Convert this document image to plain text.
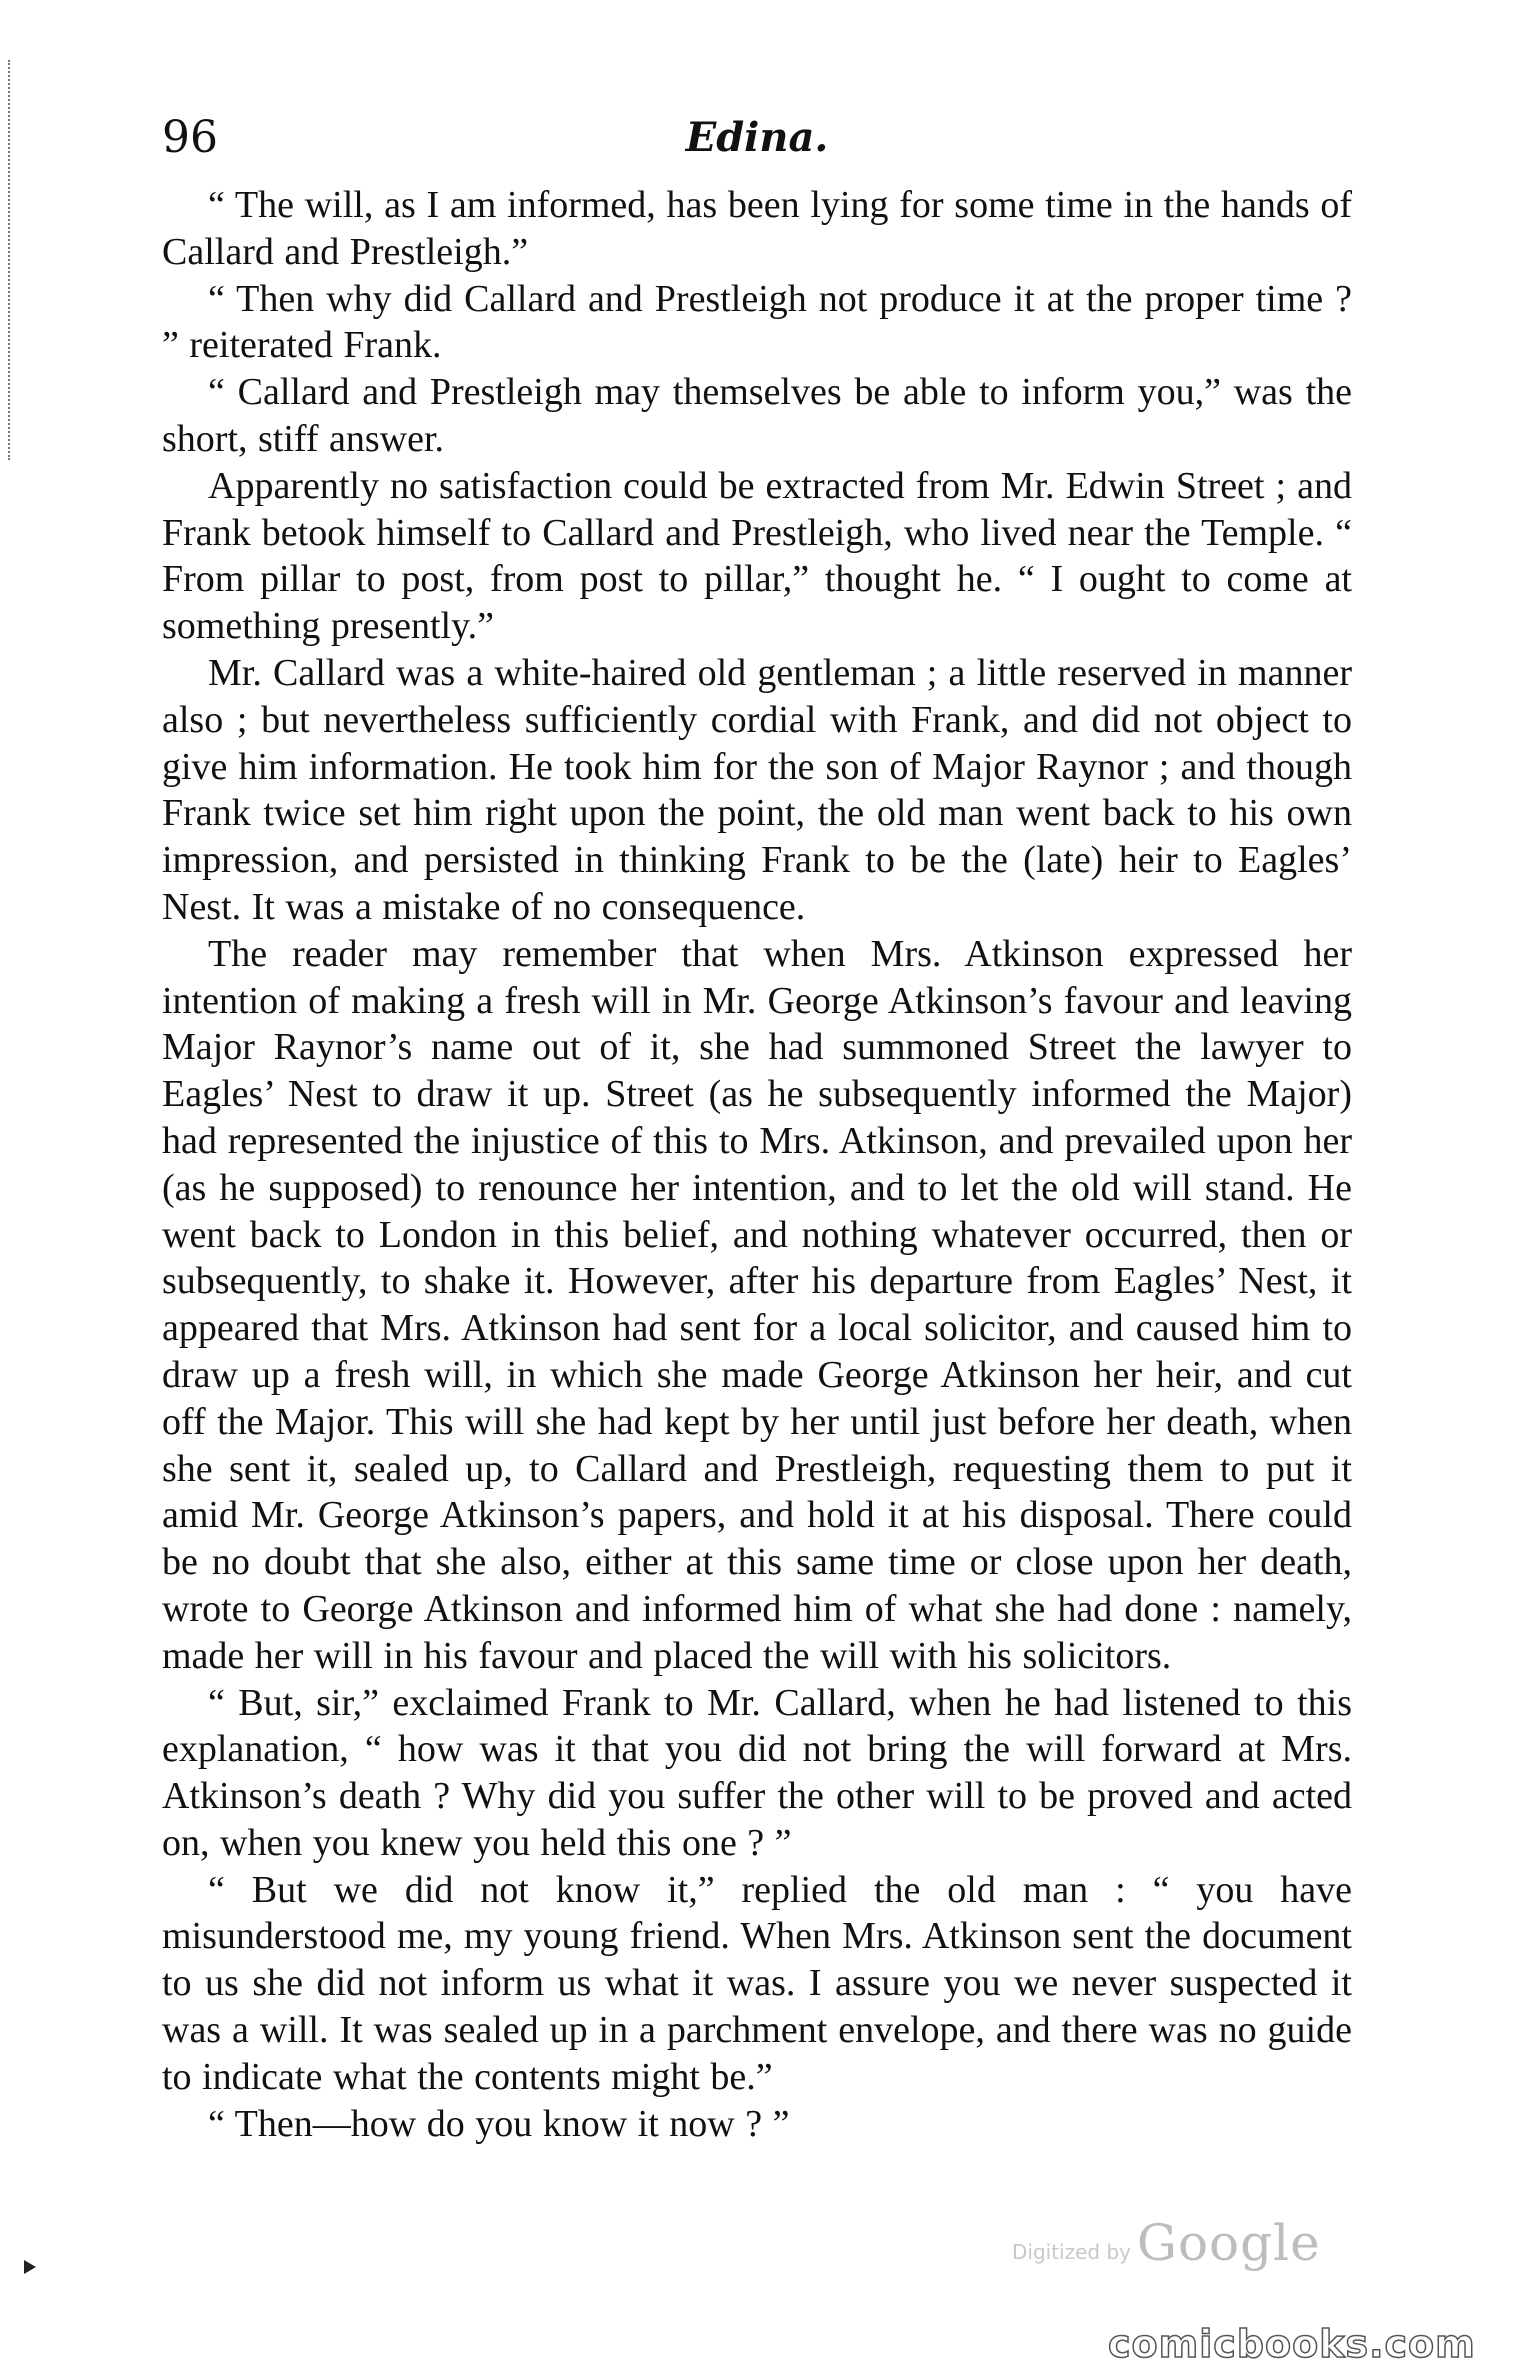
96	Edina.

“ The will, as I am informed, has been lying for some time in the hands of Callard and Prestleigh.”

“ Then why did Callard and Prestleigh not produce it at the proper time ? ” reiterated Frank.

“ Callard and Prestleigh may themselves be able to inform you,” was the short, stiff answer.

Apparently no satisfaction could be extracted from Mr. Edwin Street ; and Frank betook himself to Callard and Prestleigh, who lived near the Temple. “ From pillar to post, from post to pillar,” thought he. “ I ought to come at something presently.”

Mr. Callard was a white-haired old gentleman ; a little reserved in manner also ; but nevertheless sufficiently cordial with Frank, and did not object to give him information. He took him for the son of Major Raynor ; and though Frank twice set him right upon the point, the old man went back to his own impression, and persisted in thinking Frank to be the (late) heir to Eagles’ Nest. It was a mistake of no consequence.

The reader may remember that when Mrs. Atkinson expressed her intention of making a fresh will in Mr. George Atkinson’s favour and leaving Major Raynor’s name out of it, she had summoned Street the lawyer to Eagles’ Nest to draw it up. Street (as he subsequently informed the Major) had represented the injustice of this to Mrs. Atkinson, and prevailed upon her (as he supposed) to renounce her intention, and to let the old will stand. He went back to London in this belief, and nothing whatever occurred, then or subsequently, to shake it. However, after his departure from Eagles’ Nest, it appeared that Mrs. Atkinson had sent for a local solicitor, and caused him to draw up a fresh will, in which she made George Atkinson her heir, and cut off the Major. This will she had kept by her until just before her death, when she sent it, sealed up, to Callard and Prestleigh, requesting them to put it amid Mr. George Atkinson’s papers, and hold it at his disposal. There could be no doubt that she also, either at this same time or close upon her death, wrote to George Atkinson and informed him of what she had done : namely, made her will in his favour and placed the will with his solicitors.

“ But, sir,” exclaimed Frank to Mr. Callard, when he had listened to this explanation, “ how was it that you did not bring the will forward at Mrs. Atkinson’s death ? Why did you suffer the other will to be proved and acted on, when you knew you held this one ? ”

“ But we did not know it,” replied the old man : “ you have misunderstood me, my young friend. When Mrs. Atkinson sent the document to us she did not inform us what it was. I assure you we never suspected it was a will. It was sealed up in a parchment envelope, and there was no guide to indicate what the contents might be.”

“ Then—how do you know it now ? ”

Digitized by Google
comicbooks.com
